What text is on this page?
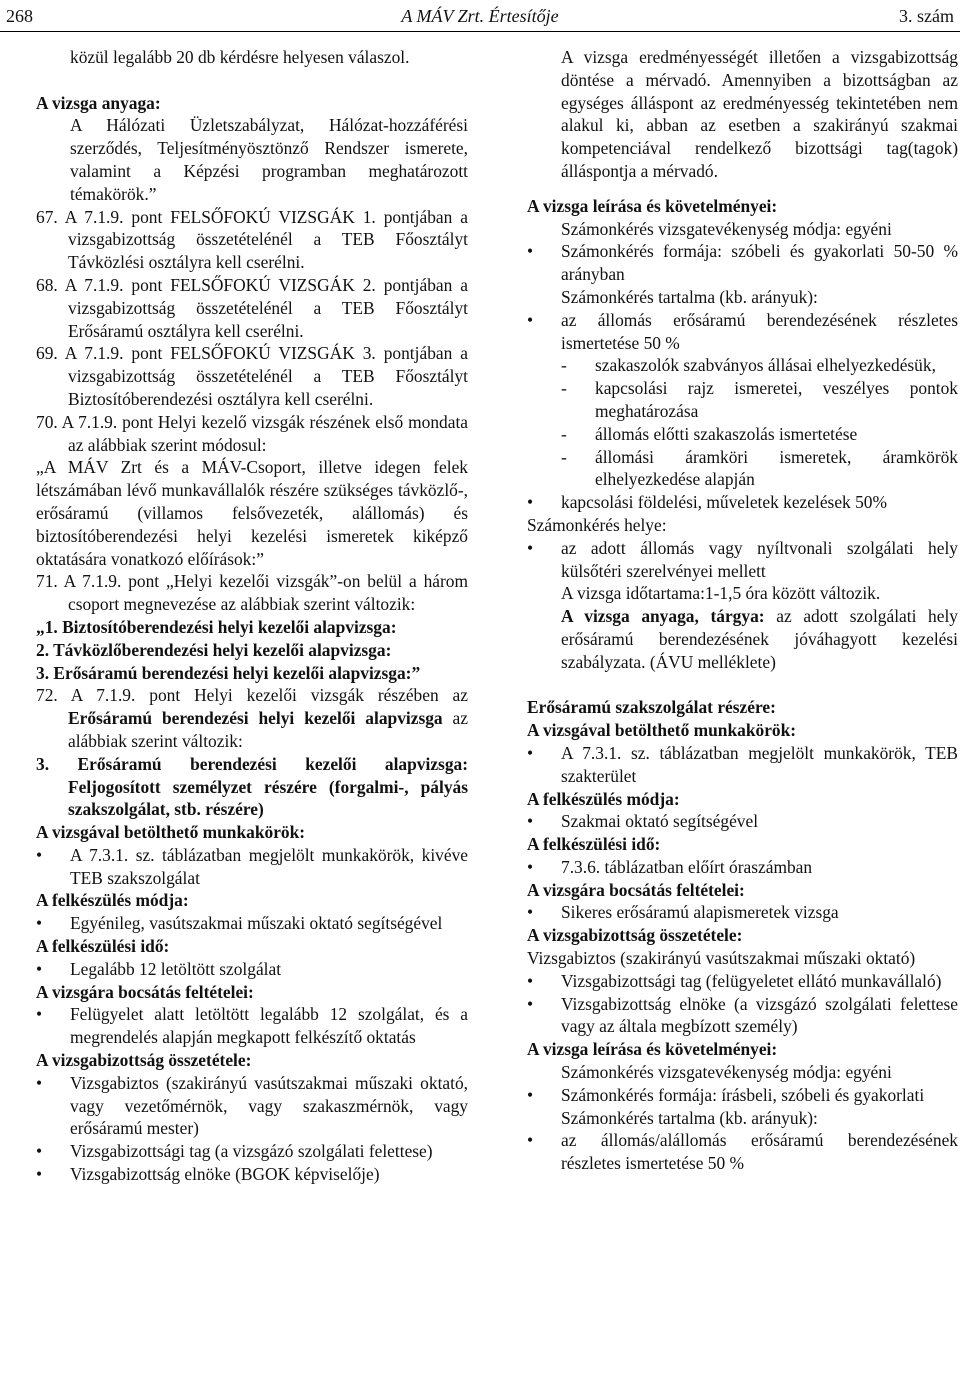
268	A MÁV Zrt. Értesítője	3. szám

közül legalább 20 db kérdésre helyesen válaszol.

A vizsga anyaga:

A Hálózati Üzletszabályzat, Hálózat-hozzáférési szerződés, Teljesítményösztönző Rendszer ismerete, valamint a Képzési programban meghatározott témakörök.”

67. A 7.1.9. pont FELSŐFOKÚ VIZSGÁK 1. pontjában a vizsgabizottság összetételénél a TEB Főosztályt Távközlési osztályra kell cserélni.

68. A 7.1.9. pont FELSŐFOKÚ VIZSGÁK 2. pontjában a vizsgabizottság összetételénél a TEB Főosztályt Erősáramú osztályra kell cserélni.

69. A 7.1.9. pont FELSŐFOKÚ VIZSGÁK 3. pontjában a vizsgabizottság összetételénél a TEB Főosztályt Biztosítóberendezési osztályra kell cserélni.

70. A 7.1.9. pont Helyi kezelő vizsgák részének első mondata az alábbiak szerint módosul:

„A MÁV Zrt és a MÁV-Csoport, illetve idegen felek létszámában lévő munkavállalók részére szükséges távközlő-, erősáramú (villamos felsővezeték, alállomás) és biztosítóberendezési helyi kezelési ismeretek kiképző oktatására vonatkozó előírások:”

71. A 7.1.9. pont „Helyi kezelői vizsgák”-on belül a három csoport megnevezése az alábbiak szerint változik:

„1. Biztosítóberendezési helyi kezelői alapvizsga:

2. Távközlőberendezési helyi kezelői alapvizsga:

3. Erősáramú berendezési helyi kezelői alapvizsga:”

72. A 7.1.9. pont Helyi kezelői vizsgák részében az Erősáramú berendezési helyi kezelői alapvizsga az alábbiak szerint változik:

3. Erősáramú berendezési kezelői alapvizsga: Feljogosított személyzet részére (forgalmi-, pályás szakszolgálat, stb. részére)

A vizsgával betölthető munkakörök:

• A 7.3.1. sz. táblázatban megjelölt munkakörök, kivéve TEB szakszolgálat

A felkészülés módja:

• Egyénileg, vasútszakmai műszaki oktató segítségével

A felkészülési idő:

• Legalább 12 letöltött szolgálat

A vizsgára bocsátás feltételei:

• Felügyelet alatt letöltött legalább 12 szolgálat, és a megrendelés alapján megkapott felkészítő oktatás

A vizsgabizottság összetétele:

• Vizsgabiztos (szakirányú vasútszakmai műszaki oktató, vagy vezetőmérnök, vagy szakaszmérnök, vagy erősáramú mester)
• Vizsgabizottsági tag (a vizsgázó szolgálati felettese)
• Vizsgabizottság elnöke (BGOK képviselője)

A vizsga eredményességét illetően a vizsgabizottság döntése a mérvadó. Amennyiben a bizottságban az egységes álláspont az eredményesség tekintetében nem alakul ki, abban az esetben a szakirányú szakmai kompetenciával rendelkező bizottsági tag(tagok) álláspontja a mérvadó.

A vizsga leírása és követelményei:

Számonkérés vizsgatevékenység módja: egyéni

• Számonkérés formája: szóbeli és gyakorlati 50-50 % arányban

Számonkérés tartalma (kb. arányuk):

• az állomás erősáramú berendezésének részletes ismertetése 50 %
- szakaszolók szabványos állásai elhelyezkedésük,
- kapcsolási rajz ismeretei, veszélyes pontok meghatározása
- állomás előtti szakaszolás ismertetése
- állomási áramköri ismeretek, áramkörök elhelyezkedése alapján
• kapcsolási földelési, műveletek kezelések 50%

Számonkérés helye:

• az adott állomás vagy nyíltvonali szolgálati hely külsőtéri szerelvényei mellett

A vizsga időtartama:1-1,5 óra között változik.

A vizsga anyaga, tárgya: az adott szolgálati hely erősáramú berendezésének jóváhagyott kezelési szabályzata. (ÁVU melléklete)

Erősáramú szakszolgálat részére:

A vizsgával betölthető munkakörök:

• A 7.3.1. sz. táblázatban megjelölt munkakörök, TEB szakterület

A felkészülés módja:

• Szakmai oktató segítségével

A felkészülési idő:

• 7.3.6. táblázatban előírt óraszámban

A vizsgára bocsátás feltételei:

• Sikeres erősáramú alapismeretek vizsga

A vizsgabizottság összetétele:

Vizsgabiztos (szakirányú vasútszakmai műszaki oktató)

• Vizsgabizottsági tag (felügyeletet ellátó munkavállaló)
• Vizsgabizottság elnöke (a vizsgázó szolgálati felettese vagy az általa megbízott személy)

A vizsga leírása és követelményei:

Számonkérés vizsgatevékenység módja: egyéni

• Számonkérés formája: írásbeli, szóbeli és gyakorlati

Számonkérés tartalma (kb. arányuk):

• az állomás/alállomás erősáramú berendezésének részletes ismertetése 50 %
